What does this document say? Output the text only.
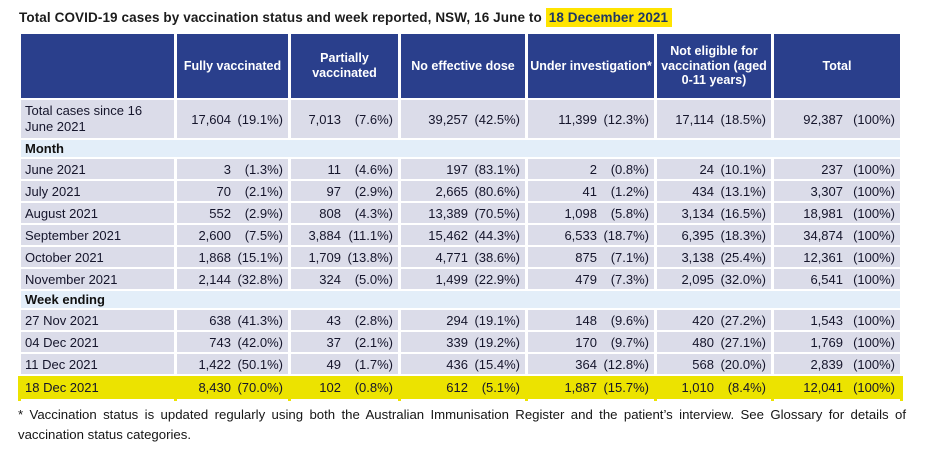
Total COVID-19 cases by vaccination status and week reported, NSW, 16 June to 18 December 2021
	Fully vaccinated	Partially vaccinated	No effective dose	Under investigation*	Not eligible for vaccination (aged 0-11 years)	Total
Total cases since 16 June 2021	17,604 (19.1%)	7,013 (7.6%)	39,257 (42.5%)	11,399 (12.3%)	17,114 (18.5%)	92,387 (100%)
Month						
June 2021	3 (1.3%)	11 (4.6%)	197 (83.1%)	2 (0.8%)	24 (10.1%)	237 (100%)
July 2021	70 (2.1%)	97 (2.9%)	2,665 (80.6%)	41 (1.2%)	434 (13.1%)	3,307 (100%)
August 2021	552 (2.9%)	808 (4.3%)	13,389 (70.5%)	1,098 (5.8%)	3,134 (16.5%)	18,981 (100%)
September 2021	2,600 (7.5%)	3,884 (11.1%)	15,462 (44.3%)	6,533 (18.7%)	6,395 (18.3%)	34,874 (100%)
October 2021	1,868 (15.1%)	1,709 (13.8%)	4,771 (38.6%)	875 (7.1%)	3,138 (25.4%)	12,361 (100%)
November 2021	2,144 (32.8%)	324 (5.0%)	1,499 (22.9%)	479 (7.3%)	2,095 (32.0%)	6,541 (100%)
Week ending						
27 Nov 2021	638 (41.3%)	43 (2.8%)	294 (19.1%)	148 (9.6%)	420 (27.2%)	1,543 (100%)
04 Dec 2021	743 (42.0%)	37 (2.1%)	339 (19.2%)	170 (9.7%)	480 (27.1%)	1,769 (100%)
11 Dec 2021	1,422 (50.1%)	49 (1.7%)	436 (15.4%)	364 (12.8%)	568 (20.0%)	2,839 (100%)
18 Dec 2021	8,430 (70.0%)	102 (0.8%)	612 (5.1%)	1,887 (15.7%)	1,010 (8.4%)	12,041 (100%)
* Vaccination status is updated regularly using both the Australian Immunisation Register and the patient’s interview. See Glossary for details of vaccination status categories.
